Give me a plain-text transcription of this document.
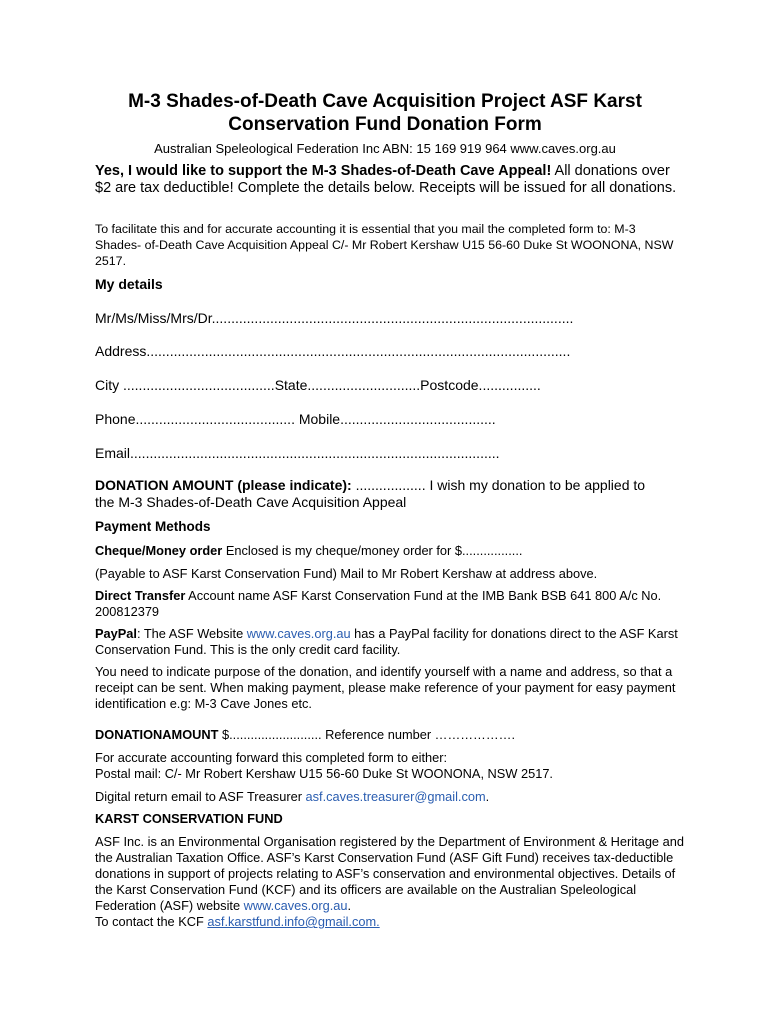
M-3 Shades-of-Death Cave Acquisition Project ASF Karst
Conservation Fund Donation Form
Australian Speleological Federation Inc ABN: 15 169 919 964 www.caves.org.au

Yes, I would like to support the M-3 Shades-of-Death Cave Appeal! All donations over $2 are tax deductible! Complete the details below. Receipts will be issued for all donations.

To facilitate this and for accurate accounting it is essential that you mail the completed form to: M-3 Shades- of-Death Cave Acquisition Appeal C/- Mr Robert Kershaw U15 56-60 Duke St WOONONA, NSW 2517.

My details
Mr/Ms/Miss/Mrs/Dr.............................................................................................
Address.............................................................................................................
City .......................................State.............................Postcode................
Phone......................................... Mobile........................................
Email...............................................................................................

DONATION AMOUNT (please indicate): .................. I wish my donation to be applied to the M-3 Shades-of-Death Cave Acquisition Appeal

Payment Methods

Cheque/Money order Enclosed is my cheque/money order for $.................

(Payable to ASF Karst Conservation Fund) Mail to Mr Robert Kershaw at address above.

Direct Transfer Account name ASF Karst Conservation Fund at the IMB Bank BSB 641 800 A/c No. 200812379

PayPal: The ASF Website www.caves.org.au has a PayPal facility for donations direct to the ASF Karst Conservation Fund. This is the only credit card facility.

You need to indicate purpose of the donation, and identify yourself with a name and address, so that a receipt can be sent. When making payment, please make reference of your payment for easy payment identification e.g: M-3 Cave Jones etc.

DONATIONAMOUNT $.......................... Reference number ……………….

For accurate accounting forward this completed form to either:
Postal mail: C/- Mr Robert Kershaw U15 56-60 Duke St WOONONA, NSW 2517.

Digital return email to ASF Treasurer asf.caves.treasurer@gmail.com.

KARST CONSERVATION FUND

ASF Inc. is an Environmental Organisation registered by the Department of Environment & Heritage and the Australian Taxation Office. ASF’s Karst Conservation Fund (ASF Gift Fund) receives tax-deductible donations in support of projects relating to ASF’s conservation and environmental objectives. Details of the Karst Conservation Fund (KCF) and its officers are available on the Australian Speleological Federation (ASF) website www.caves.org.au.
To contact the KCF asf.karstfund.info@gmail.com.
